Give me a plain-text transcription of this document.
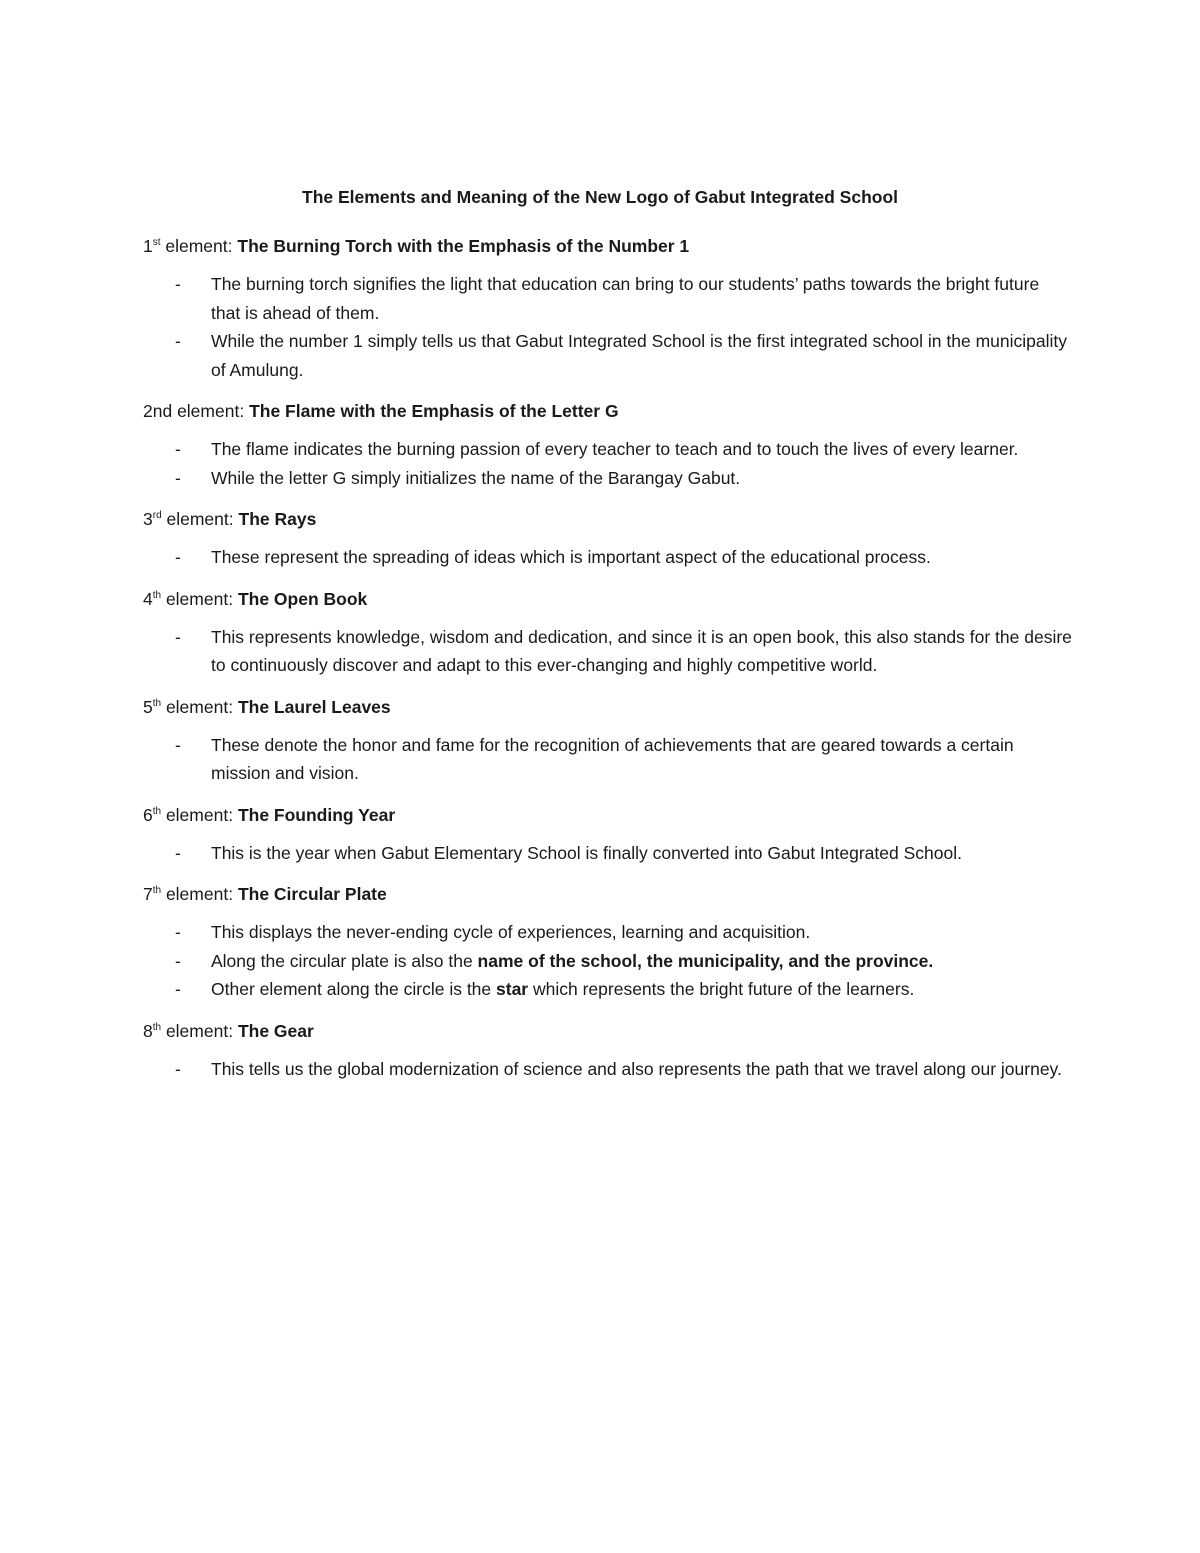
The Elements and Meaning of the New Logo of Gabut Integrated School
1st element: The Burning Torch with the Emphasis of the Number 1
- The burning torch signifies the light that education can bring to our students’ paths towards the bright future that is ahead of them.
- While the number 1 simply tells us that Gabut Integrated School is the first integrated school in the municipality of Amulung.
2nd element: The Flame with the Emphasis of the Letter G
- The flame indicates the burning passion of every teacher to teach and to touch the lives of every learner.
- While the letter G simply initializes the name of the Barangay Gabut.
3rd element: The Rays
- These represent the spreading of ideas which is important aspect of the educational process.
4th element: The Open Book
- This represents knowledge, wisdom and dedication, and since it is an open book, this also stands for the desire to continuously discover and adapt to this ever-changing and highly competitive world.
5th element: The Laurel Leaves
- These denote the honor and fame for the recognition of achievements that are geared towards a certain mission and vision.
6th element: The Founding Year
- This is the year when Gabut Elementary School is finally converted into Gabut Integrated School.
7th element: The Circular Plate
- This displays the never-ending cycle of experiences, learning and acquisition.
- Along the circular plate is also the name of the school, the municipality, and the province.
- Other element along the circle is the star which represents the bright future of the learners.
8th element: The Gear
- This tells us the global modernization of science and also represents the path that we travel along our journey.
